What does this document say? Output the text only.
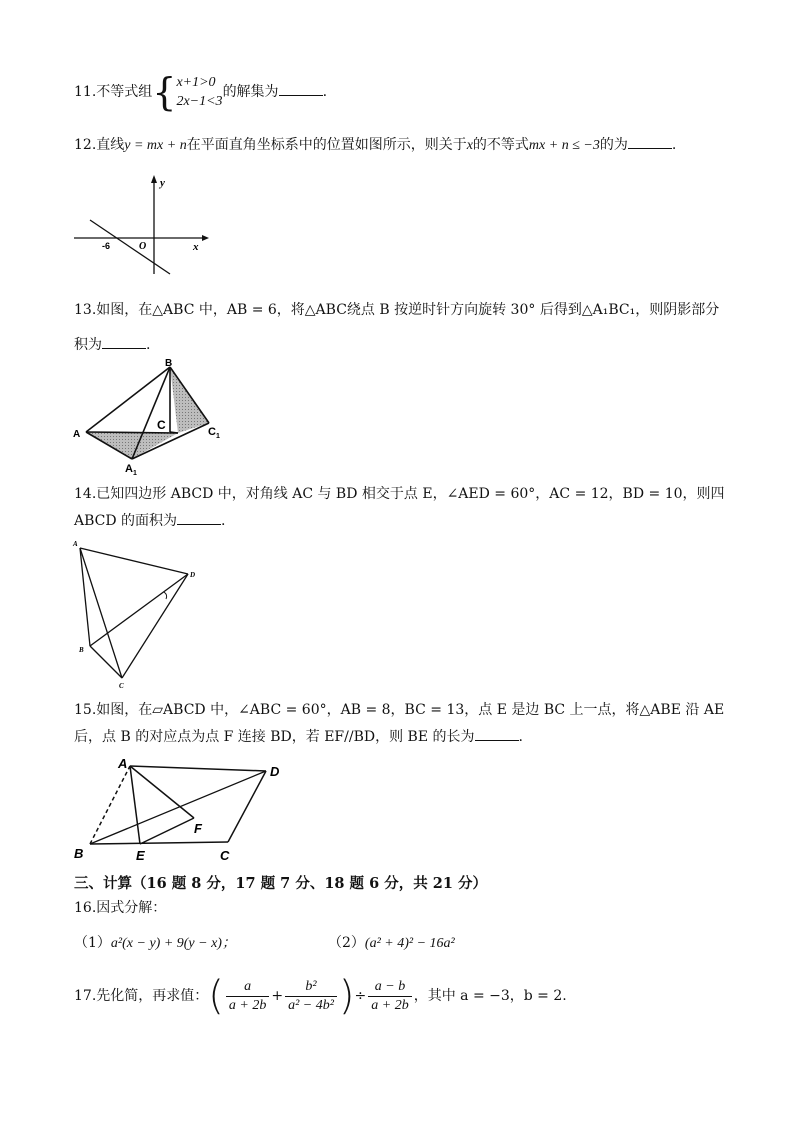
11.不等式组{ x+1>0
2x−1<3
的解集为	.
12.直线y = mx + n在平面直角坐标系中的位置如图所示，则关于x的不等式mx + n ≤ −3的为	.
y
x
O
-6
13.如图，在△ABC 中，AB = 6，将△ABC绕点 B 按逆时针方向旋转 30° 后得到△A₁BC₁，则阴影部分
积为	.
B
A
C	$C_1$
$A_1$
14.已知四边形 ABCD 中，对角线 AC 与 BD 相交于点 E，∠AED = 60°，AC = 12，BD = 10，则四
ABCD 的面积为	.
A
D
B
C
15.如图，在▱ABCD 中，∠ABC = 60°，AB = 8，BC = 13，点 E 是边 BC 上一点，将△ABE 沿 AE
后，点 B 的对应点为点 F 连接 BD，若 EF//BD，则 BE 的长为	.
A
D
F
B	E	C
三、计算（16 题 8 分，17 题 7 分、18 题 6 分，共 21 分）
16.因式分解：
（1）a²(x − y) + 9(y − x)；	（2）(a² + 4)² − 16a²
17.先化简，再求值：( $\frac{a}{a + 2b} + \frac{\text{b²}}{\text{a² − 4b²}}$ )÷ $\frac{a - b}{a + 2b}$ ，其中 a = −3，b = 2.
